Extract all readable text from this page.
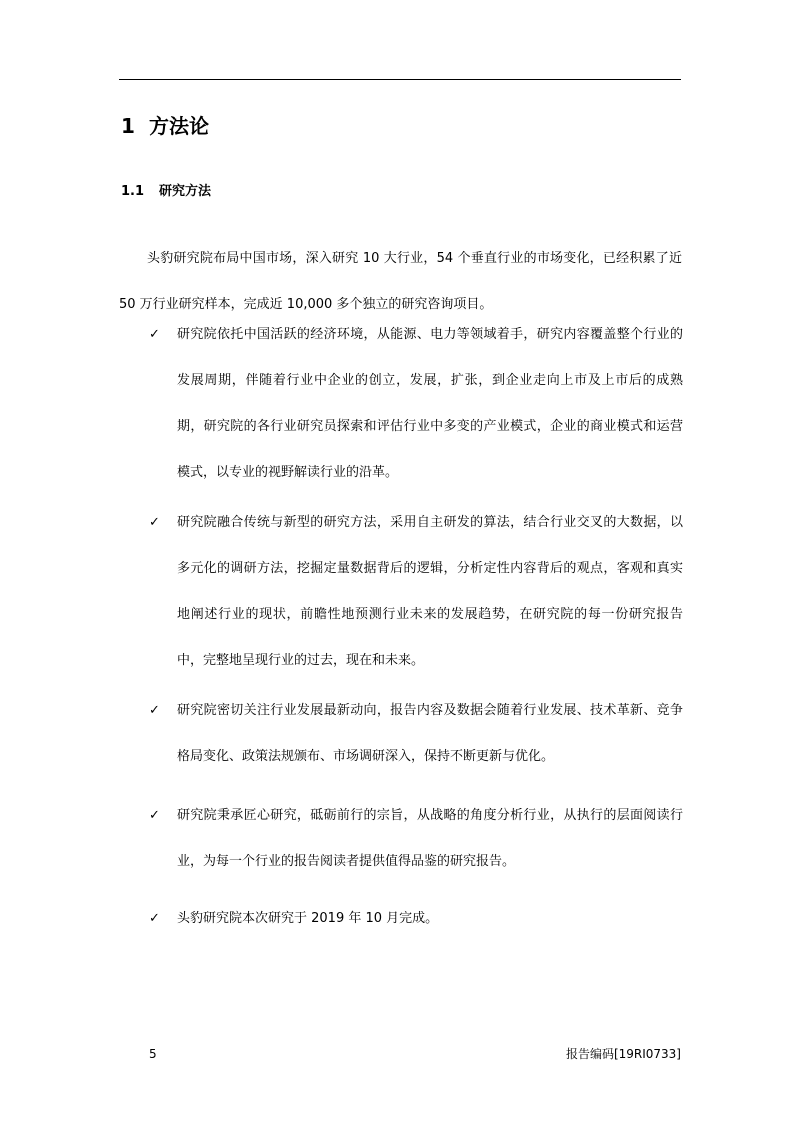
1 方法论
1.1 研究方法

头豹研究院布局中国市场，深入研究 10 大行业，54 个垂直行业的市场变化，已经积累了近 50 万行业研究样本，完成近 10,000 多个独立的研究咨询项目。

✓	研究院依托中国活跃的经济环境，从能源、电力等领域着手，研究内容覆盖整个行业的发展周期，伴随着行业中企业的创立，发展，扩张，到企业走向上市及上市后的成熟期，研究院的各行业研究员探索和评估行业中多变的产业模式，企业的商业模式和运营模式，以专业的视野解读行业的沿革。

✓	研究院融合传统与新型的研究方法，采用自主研发的算法，结合行业交叉的大数据，以多元化的调研方法，挖掘定量数据背后的逻辑，分析定性内容背后的观点，客观和真实地阐述行业的现状，前瞻性地预测行业未来的发展趋势，在研究院的每一份研究报告中，完整地呈现行业的过去，现在和未来。

✓	研究院密切关注行业发展最新动向，报告内容及数据会随着行业发展、技术革新、竞争格局变化、政策法规颁布、市场调研深入，保持不断更新与优化。

✓	研究院秉承匠心研究，砥砺前行的宗旨，从战略的角度分析行业，从执行的层面阅读行业，为每一个行业的报告阅读者提供值得品鉴的研究报告。

✓	头豹研究院本次研究于 2019 年 10 月完成。

5	报告编码[19RI0733]
